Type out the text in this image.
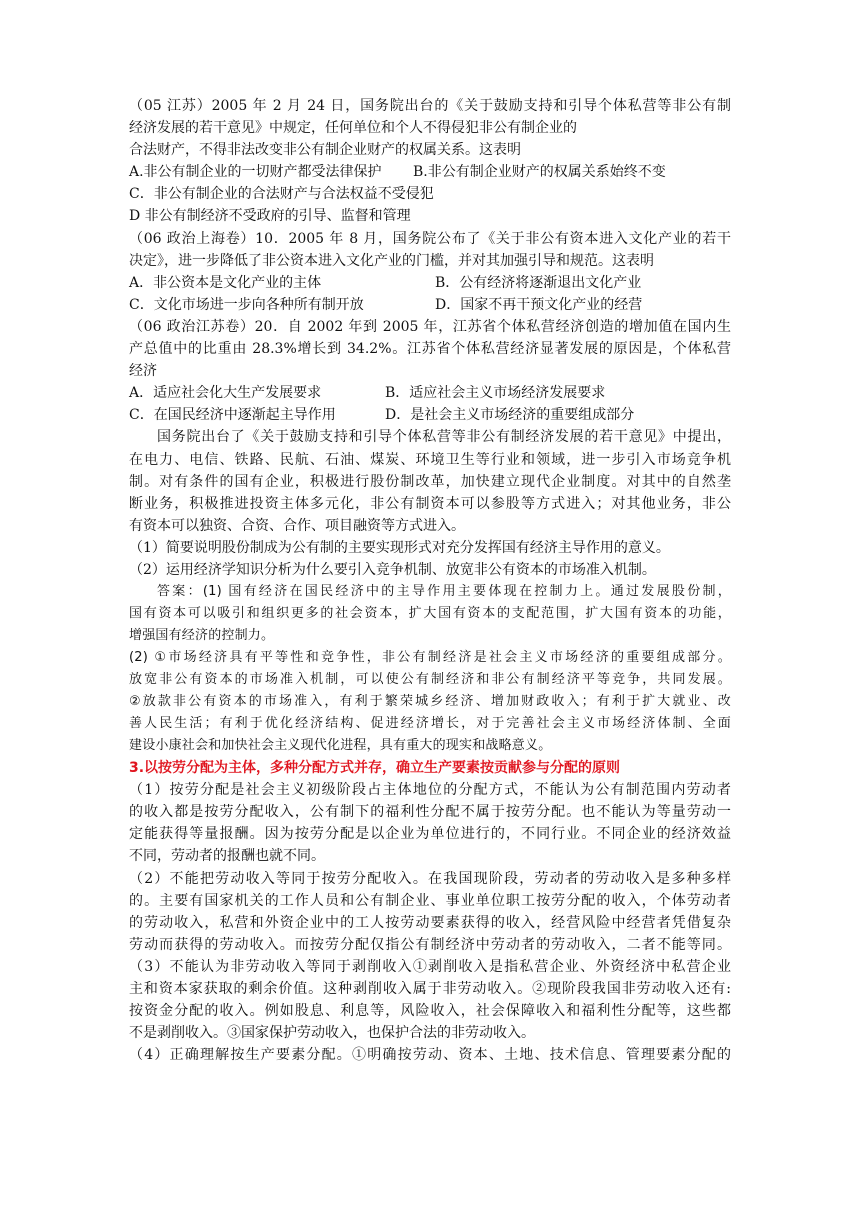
（05 江苏）2005 年 2 月 24 日，国务院出台的《关于鼓励支持和引导个体私营等非公有制
经济发展的若干意见》中规定，任何单位和个人不得侵犯非公有制企业的
合法财产，不得非法改变非公有制企业财产的权属关系。这表明
A.非公有制企业的一切财产都受法律保护 B.非公有制企业财产的权属关系始终不变
C．非公有制企业的合法财产与合法权益不受侵犯
D 非公有制经济不受政府的引导、监督和管理
（06 政治上海卷）10．2005 年 8 月，国务院公布了《关于非公有资本进入文化产业的若干
决定》，进一步降低了非公资本进入文化产业的门槛，并对其加强引导和规范。这表明
A．非公资本是文化产业的主体	B．公有经济将逐渐退出文化产业
C．文化市场进一步向各种所有制开放	D．国家不再干预文化产业的经营
（06 政治江苏卷）20．自 2002 年到 2005 年，江苏省个体私营经济创造的增加值在国内生
产总值中的比重由 28.3%增长到 34.2%。江苏省个体私营经济显著发展的原因是，个体私营
经济
A．适应社会化大生产发展要求	B．适应社会主义市场经济发展要求
C．在国民经济中逐渐起主导作用	D．是社会主义市场经济的重要组成部分
国务院出台了《关于鼓励支持和引导个体私营等非公有制经济发展的若干意见》中提出，
在电力、电信、铁路、民航、石油、煤炭、环境卫生等行业和领域，进一步引入市场竞争机
制。对有条件的国有企业，积极进行股份制改革，加快建立现代企业制度。对其中的自然垄
断业务，积极推进投资主体多元化，非公有制资本可以参股等方式进入；对其他业务，非公
有资本可以独资、合资、合作、项目融资等方式进入。
（1）简要说明股份制成为公有制的主要实现形式对充分发挥国有经济主导作用的意义。
（2）运用经济学知识分析为什么要引入竞争机制、放宽非公有资本的市场准入机制。
答案：(1) 国有经济在国民经济中的主导作用主要体现在控制力上。通过发展股份制，
国有资本可以吸引和组织更多的社会资本，扩大国有资本的支配范围，扩大国有资本的功能，
增强国有经济的控制力。
(2) ①市场经济具有平等性和竞争性，非公有制经济是社会主义市场经济的重要组成部分。
放宽非公有资本的市场准入机制，可以使公有制经济和非公有制经济平等竞争，共同发展。
②放款非公有资本的市场准入，有利于繁荣城乡经济、增加财政收入；有利于扩大就业、改
善人民生活；有利于优化经济结构、促进经济增长，对于完善社会主义市场经济体制、全面
建设小康社会和加快社会主义现代化进程，具有重大的现实和战略意义。
3.以按劳分配为主体，多种分配方式并存，确立生产要素按贡献参与分配的原则
（1）按劳分配是社会主义初级阶段占主体地位的分配方式，不能认为公有制范围内劳动者
的收入都是按劳分配收入，公有制下的福利性分配不属于按劳分配。也不能认为等量劳动一
定能获得等量报酬。因为按劳分配是以企业为单位进行的，不同行业。不同企业的经济效益
不同，劳动者的报酬也就不同。
（2）不能把劳动收入等同于按劳分配收入。在我国现阶段，劳动者的劳动收入是多种多样
的。主要有国家机关的工作人员和公有制企业、事业单位职工按劳分配的收入，个体劳动者
的劳动收入，私营和外资企业中的工人按劳动要素获得的收入，经营风险中经营者凭借复杂
劳动而获得的劳动收入。而按劳分配仅指公有制经济中劳动者的劳动收入，二者不能等同。
（3）不能认为非劳动收入等同于剥削收入①剥削收入是指私营企业、外资经济中私营企业
主和资本家获取的剩余价值。这种剥削收入属于非劳动收入。②现阶段我国非劳动收入还有:
按资金分配的收入。例如股息、利息等，风险收入，社会保障收入和福利性分配等，这些都
不是剥削收入。③国家保护劳动收入，也保护合法的非劳动收入。
（4）正确理解按生产要素分配。①明确按劳动、资本、土地、技术信息、管理要素分配的
